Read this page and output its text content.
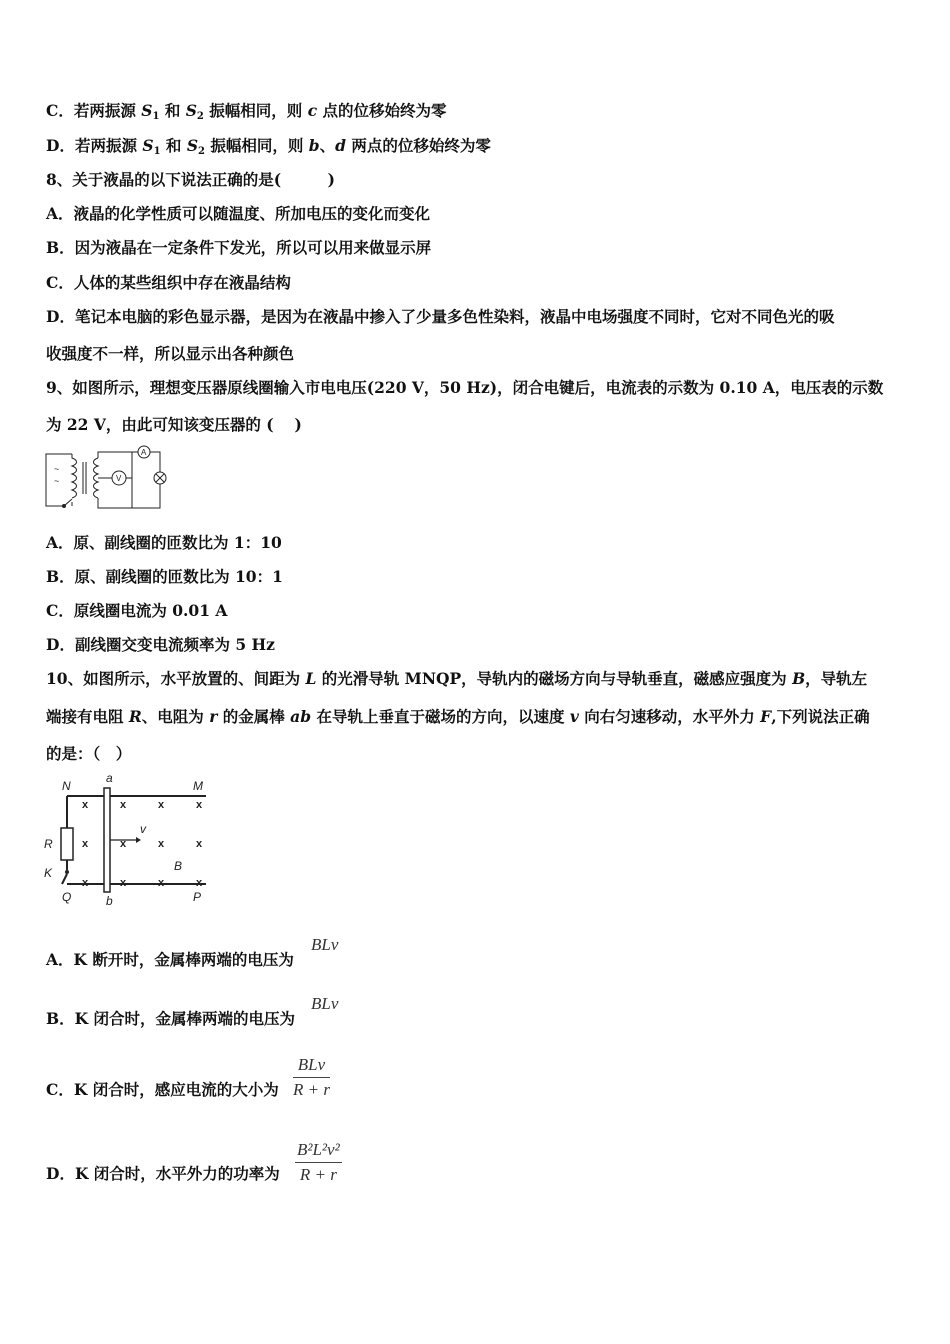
C．若两振源 $S_1$ 和 $S_2$ 振幅相同，则 c 点的位移始终为零
D．若两振源 $S_1$ 和 $S_2$ 振幅相同，则 b、d 两点的位移始终为零
8、关于液晶的以下说法正确的是(　　　)
A．液晶的化学性质可以随温度、所加电压的变化而变化
B．因为液晶在一定条件下发光，所以可以用来做显示屏
C．人体的某些组织中存在液晶结构
D．笔记本电脑的彩色显示器，是因为在液晶中掺入了少量多色性染料，液晶中电场强度不同时，它对不同色光的吸
收强度不一样，所以显示出各种颜色
9、如图所示，理想变压器原线圈输入市电电压(220 V，50 Hz)，闭合电键后，电流表的示数为 0.10 A，电压表的示数
为 22 V，由此可知该变压器的 (　 )
~
~	V
A
A．原、副线圈的匝数比为 1：10
B．原、副线圈的匝数比为 10：1
C．原线圈电流为 0.01 A
D．副线圈交变电流频率为 5 Hz
10、如图所示，水平放置的、间距为 L 的光滑导轨 MNQP，导轨内的磁场方向与导轨垂直，磁感应强度为 B，导轨左
端接有电阻 R、电阻为 r 的金属棒 ab 在导轨上垂直于磁场的方向，以速度 v 向右匀速移动，水平外力 F,下列说法正确
的是：（　）
x	x	x	x
x	x	x	x
x	x	x	x
N
a
M
R
K
v
B
Q	b	P
A．K 断开时，金属棒两端的电压为
BLv
B．K 闭合时，金属棒两端的电压为
BLv
C．K 闭合时，感应电流的大小为
BLv
R + r
D．K 闭合时，水平外力的功率为 $\frac{\text{B²L²v²}}{R + r}$
